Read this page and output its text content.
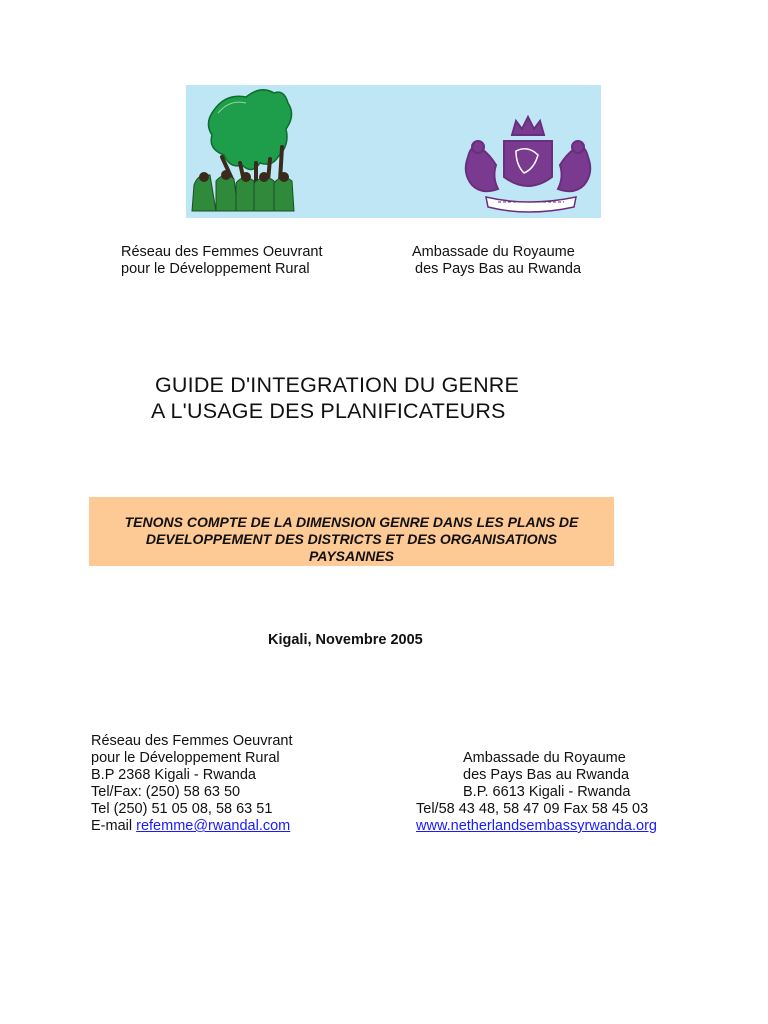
Réseau des Femmes Oeuvrant
pour le Développement Rural
Ambassade du Royaume
des Pays Bas au Rwanda
GUIDE D'INTEGRATION DU GENRE
A L'USAGE DES PLANIFICATEURS
TENONS COMPTE DE LA DIMENSION GENRE DANS LES PLANS DE
DEVELOPPEMENT DES DISTRICTS ET DES ORGANISATIONS
PAYSANNES
Kigali, Novembre 2005
Réseau des Femmes Oeuvrant
pour le Développement Rural
B.P 2368 Kigali - Rwanda
Tel/Fax: (250) 58 63 50
Tel (250) 51 05 08, 58 63 51
E-mail refemme@rwandal.com
Ambassade du Royaume
des Pays Bas au Rwanda
B.P. 6613 Kigali - Rwanda
Tel/58 43 48, 58 47 09 Fax 58 45 03
www.netherlandsembassyrwanda.org
